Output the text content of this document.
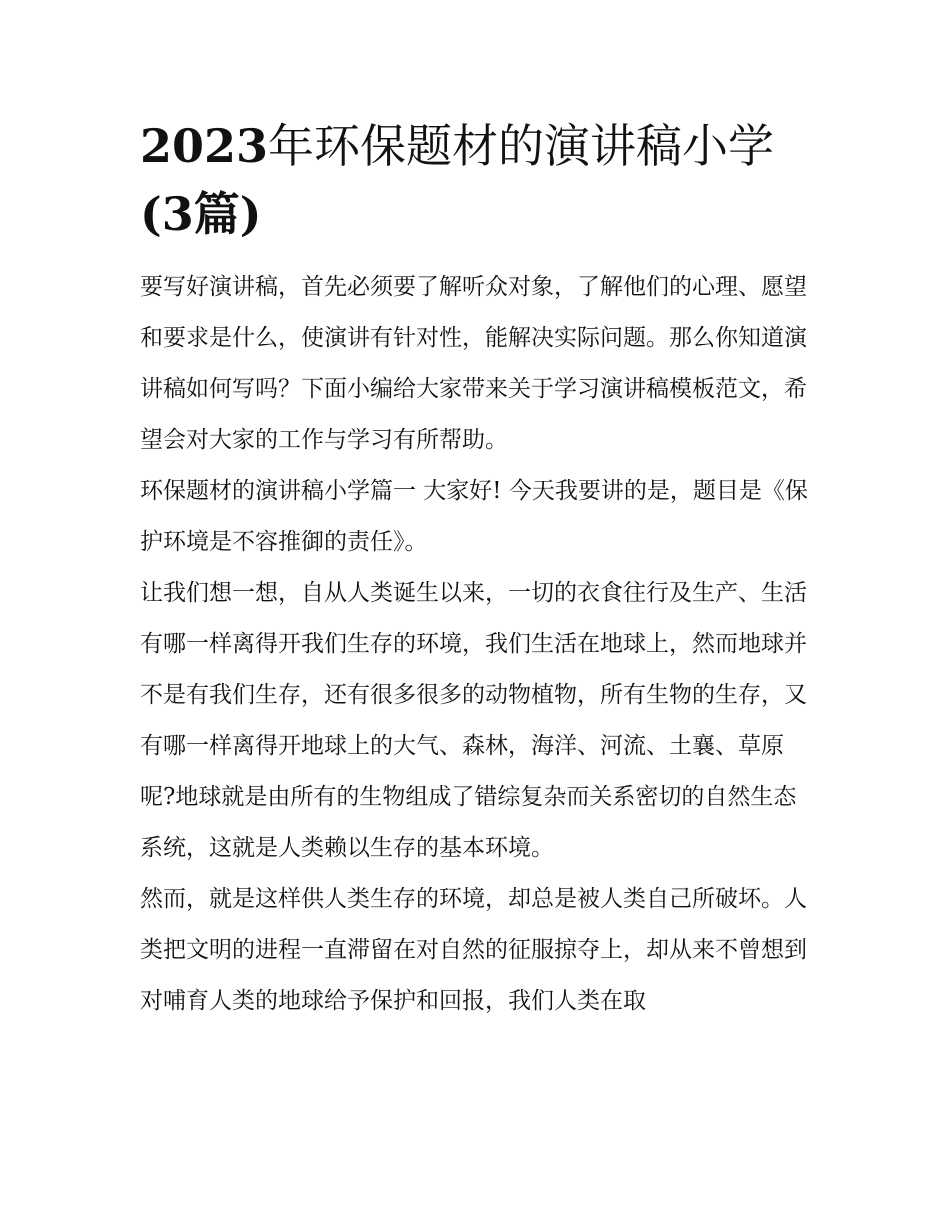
2023年环保题材的演讲稿小学
(3篇)

要写好演讲稿，首先必须要了解听众对象，了解他们的心理、愿望和要求是什么，使演讲有针对性，能解决实际问题。那么你知道演讲稿如何写吗？下面小编给大家带来关于学习演讲稿模板范文，希望会对大家的工作与学习有所帮助。

环保题材的演讲稿小学篇一 大家好! 今天我要讲的是，题目是《保护环境是不容推御的责任》。

让我们想一想，自从人类诞生以来，一切的衣食往行及生产、生活有哪一样离得开我们生存的环境，我们生活在地球上，然而地球并不是有我们生存，还有很多很多的动物植物，所有生物的生存，又有哪一样离得开地球上的大气、森林，海洋、河流、土襄、草原呢?地球就是由所有的生物组成了错综复杂而关系密切的自然生态系统，这就是人类赖以生存的基本环境。

然而，就是这样供人类生存的环境，却总是被人类自己所破坏。人类把文明的进程一直滞留在对自然的征服掠夺上，却从来不曾想到对哺育人类的地球给予保护和回报，我们人类在取
